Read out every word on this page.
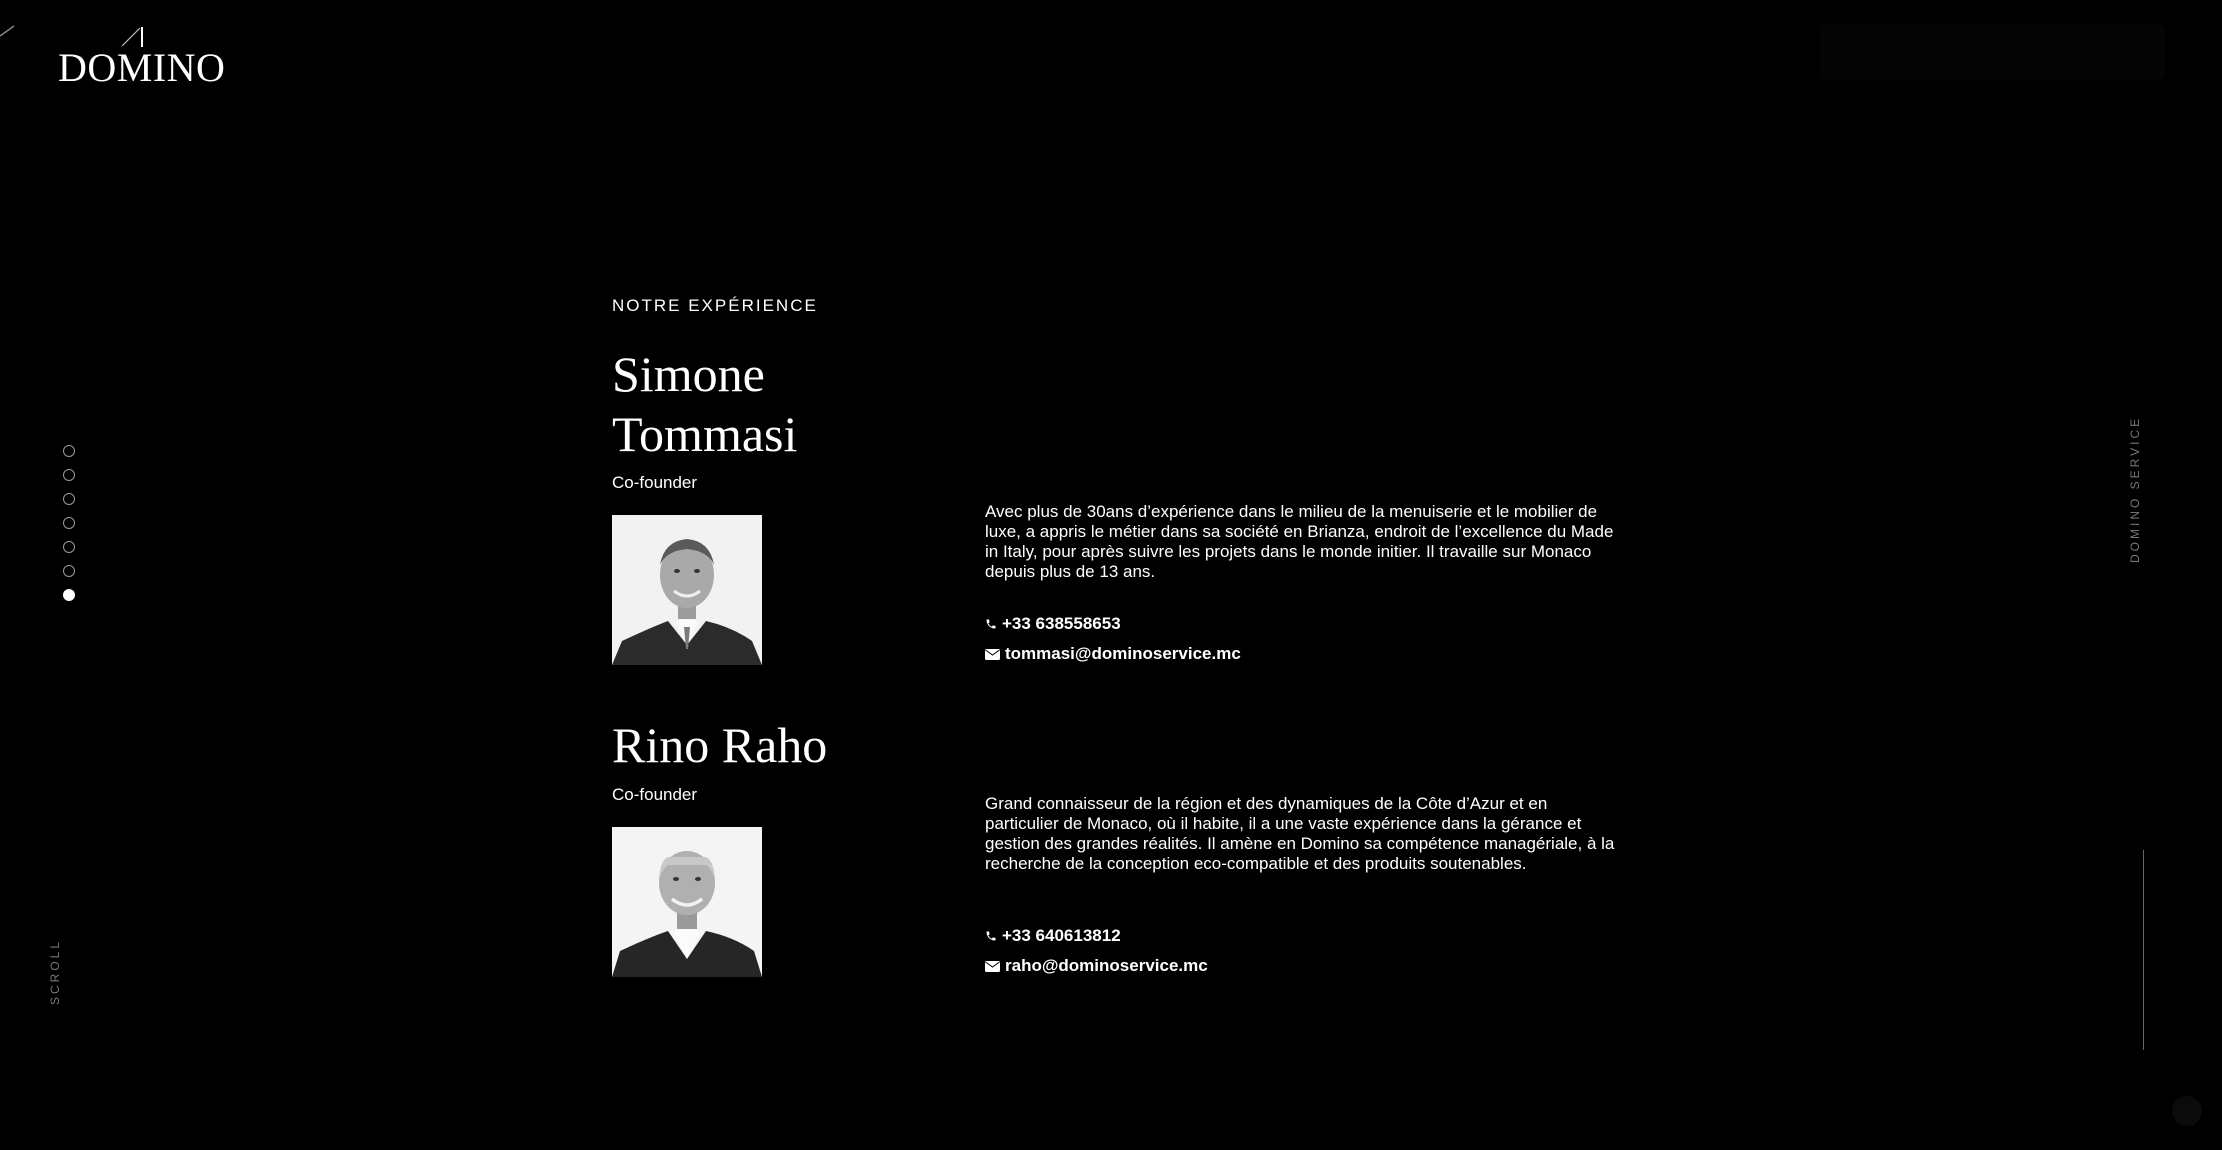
DOMINO
SCROLL
DOMINO SERVICE
NOTRE EXPÉRIENCE
Simone
Tommasi
Co-founder

Avec plus de 30ans d’expérience dans le milieu de la menuiserie et le mobilier de luxe, a appris le métier dans sa société en Brianza, endroit de l’excellence du Made in Italy, pour après suivre les projets dans le monde initier. Il travaille sur Monaco depuis plus de 13 ans.

+33 638558653
tommasi@dominoservice.mc
Rino Raho
Co-founder	Grand connaisseur de la région et des dynamiques de la Côte d’Azur et en particulier de Monaco, où il habite, il a une vaste expérience dans la gérance et gestion des grandes réalités. Il amène en Domino sa compétence managériale, à la recherche de la conception eco-compatible et des produits soutenables.

+33 640613812
raho@dominoservice.mc
